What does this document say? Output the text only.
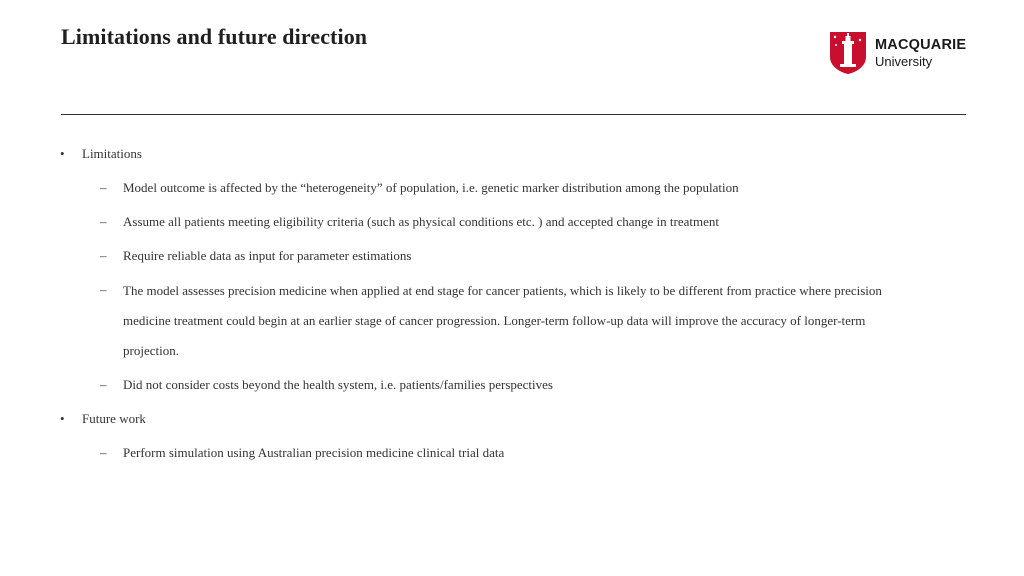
Limitations and future direction	MACQUARIE
University
• Limitations
– Model outcome is affected by the “heterogeneity” of population, i.e. genetic marker distribution among the population
– Assume all patients meeting eligibility criteria (such as physical conditions etc. ) and accepted change in treatment
– Require reliable data as input for parameter estimations
– The model assesses precision medicine when applied at end stage for cancer patients, which is likely to be different from practice where precision
medicine treatment could begin at an earlier stage of cancer progression. Longer-term follow-up data will improve the accuracy of longer-term
projection.
– Did not consider costs beyond the health system, i.e. patients/families perspectives
• Future work
– Perform simulation using Australian precision medicine clinical trial data
